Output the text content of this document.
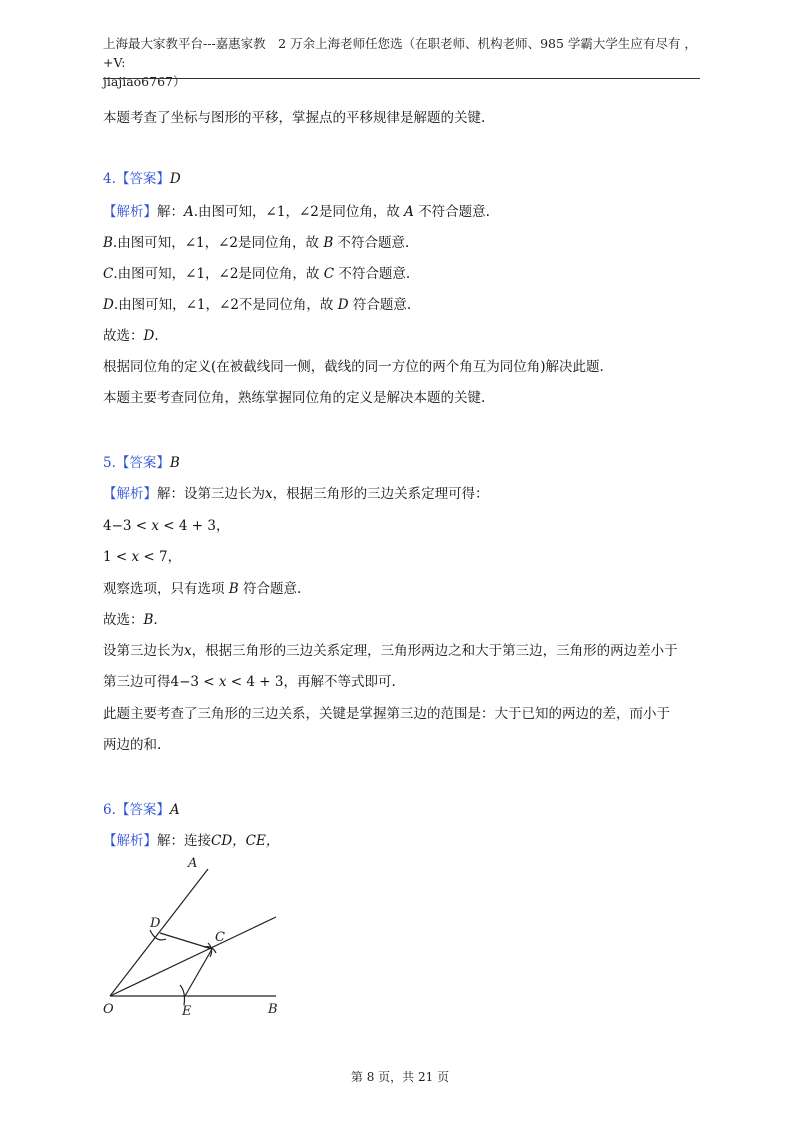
上海最大家教平台---嘉惠家教　2 万余上海老师任您选（在职老师、机构老师、985 学霸大学生应有尽有 ，+V:
jiajiao6767）
本题考查了坐标与图形的平移，掌握点的平移规律是解题的关键.
4.【答案】D
【解析】解：A.由图可知，∠1，∠2是同位角，故 A 不符合题意.
B.由图可知，∠1，∠2是同位角，故 B 不符合题意.
C.由图可知，∠1，∠2是同位角，故 C 不符合题意.
D.由图可知，∠1，∠2不是同位角，故 D 符合题意.
故选：D.
根据同位角的定义(在被截线同一侧，截线的同一方位的两个角互为同位角)解决此题.
本题主要考查同位角，熟练掌握同位角的定义是解决本题的关键.
5.【答案】B
【解析】解：设第三边长为x，根据三角形的三边关系定理可得：
4−3 < x < 4 + 3，
1 < x < 7，
观察选项，只有选项 B 符合题意.
故选：B.
设第三边长为x，根据三角形的三边关系定理，三角形两边之和大于第三边，三角形的两边差小于
第三边可得4−3 < x < 4 + 3，再解不等式即可.
此题主要考查了三角形的三边关系，关键是掌握第三边的范围是：大于已知的两边的差，而小于
两边的和.
6.【答案】A
【解析】解：连接CD，CE，
A
D
C
O	E	B
第 8 页，共 21 页
